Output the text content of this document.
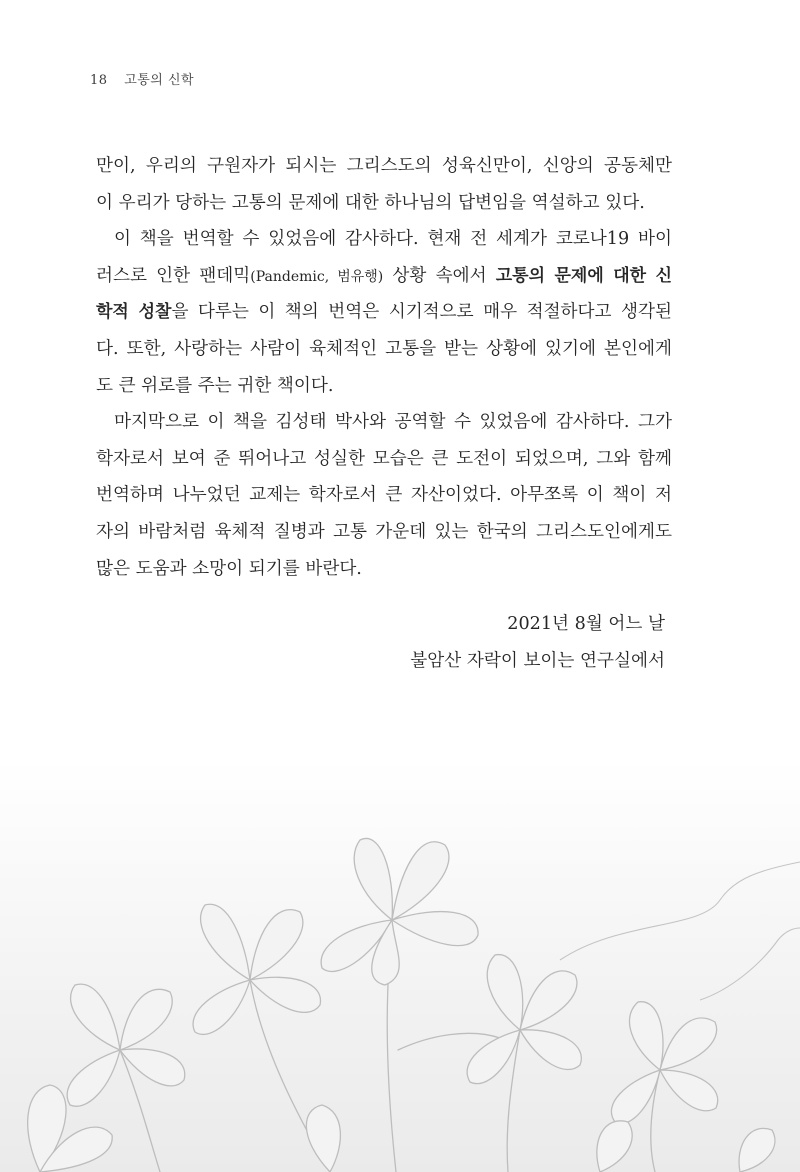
18 고통의 신학
만이, 우리의 구원자가 되시는 그리스도의 성육신만이, 신앙의 공동체만
이 우리가 당하는 고통의 문제에 대한 하나님의 답변임을 역설하고 있다.
이 책을 번역할 수 있었음에 감사하다. 현재 전 세계가 코로나19 바이
러스로 인한 팬데믹(Pandemic, 범유행) 상황 속에서 고통의 문제에 대한 신
학적 성찰을 다루는 이 책의 번역은 시기적으로 매우 적절하다고 생각된
다. 또한, 사랑하는 사람이 육체적인 고통을 받는 상황에 있기에 본인에게
도 큰 위로를 주는 귀한 책이다.
마지막으로 이 책을 김성태 박사와 공역할 수 있었음에 감사하다. 그가
학자로서 보여 준 뛰어나고 성실한 모습은 큰 도전이 되었으며, 그와 함께
번역하며 나누었던 교제는 학자로서 큰 자산이었다. 아무쪼록 이 책이 저
자의 바람처럼 육체적 질병과 고통 가운데 있는 한국의 그리스도인에게도
많은 도움과 소망이 되기를 바란다.
2021년 8월 어느 날
불암산 자락이 보이는 연구실에서
